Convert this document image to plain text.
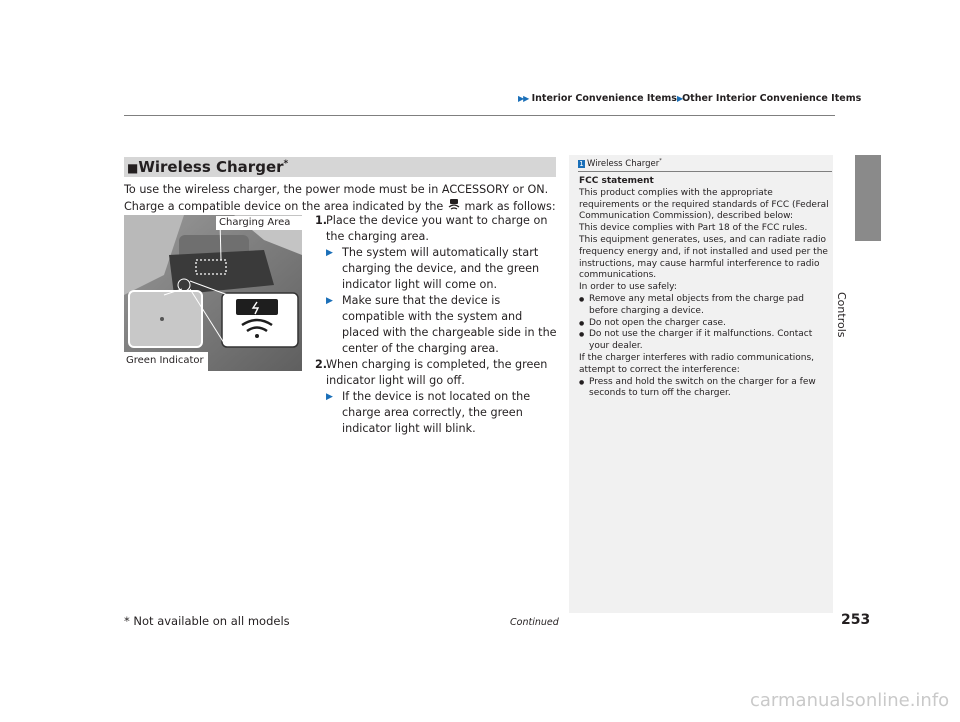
▶▶ Interior Convenience Items▶Other Interior Convenience Items
Controls
■Wireless Charger*
To use the wireless charger, the power mode must be in ACCESSORY or ON.
Charge a compatible device on the area indicated by the mark as follows:
Charging Area
Green Indicator
1.
Place the device you want to charge on the charging area.
▶ The system will automatically start charging the device, and the green indicator light will come on.
▶ Make sure that the device is compatible with the system and placed with the chargeable side in the center of the charging area.
2.
When charging is completed, the green indicator light will go off.
▶ If the device is not located on the charge area correctly, the green indicator light will blink.
1 Wireless Charger*

FCC statement

This product complies with the appropriate requirements or the required standards of FCC (Federal Communication Commission), described below:

This device complies with Part 18 of the FCC rules.

This equipment generates, uses, and can radiate radio frequency energy and, if not installed and used per the instructions, may cause harmful interference to radio communications.

In order to use safely:

● Remove any metal objects from the charge pad before charging a device.

● Do not open the charger case.

● Do not use the charger if it malfunctions. Contact your dealer.

If the charger interferes with radio communications, attempt to correct the interference:

● Press and hold the switch on the charger for a few seconds to turn off the charger.

* Not available on all models	Continued	253
carmanualsonline.info
